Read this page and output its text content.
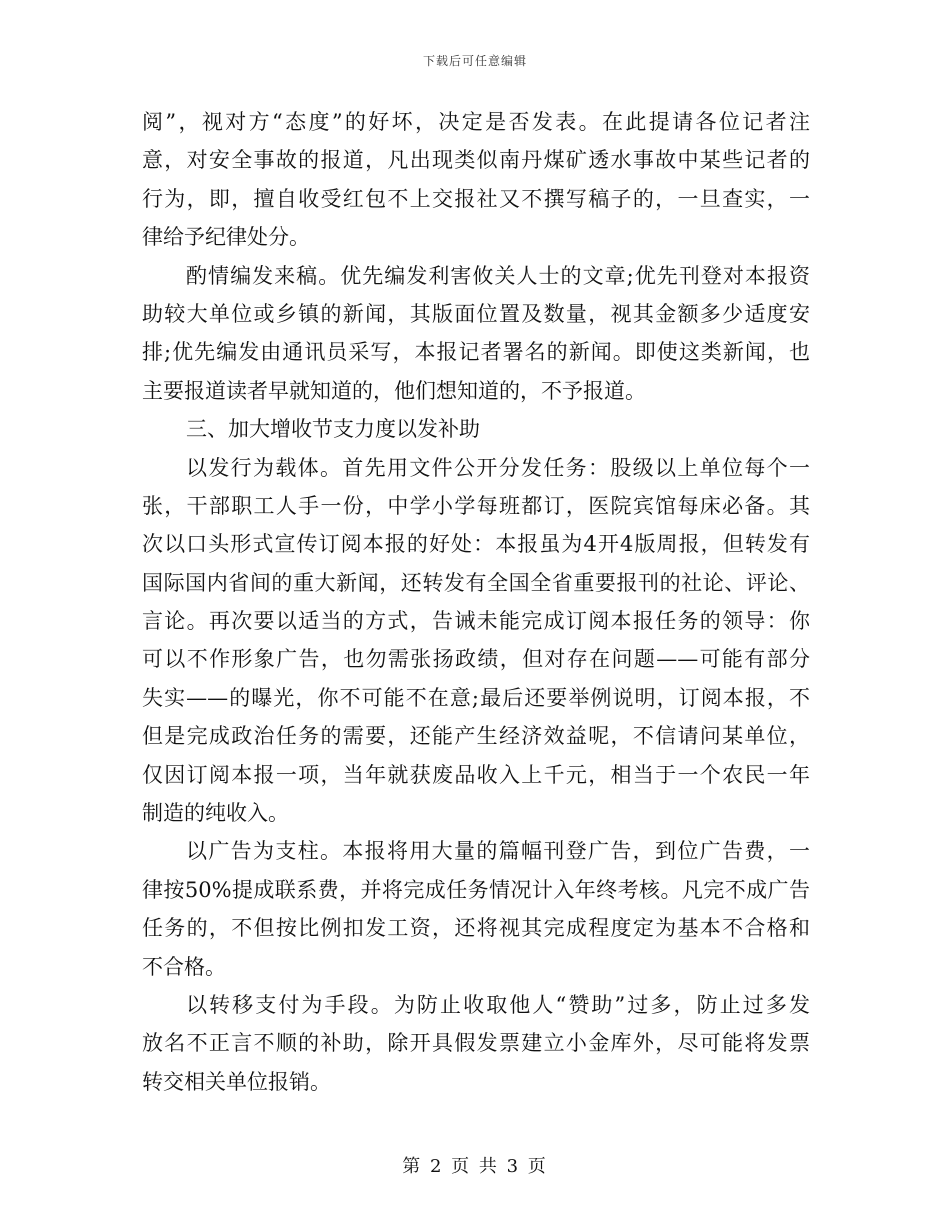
下载后可任意编辑
阅”，视对方“态度”的好坏，决定是否发表。在此提请各位记者注
意，对安全事故的报道，凡出现类似南丹煤矿透水事故中某些记者的
行为，即，擅自收受红包不上交报社又不撰写稿子的，一旦查实，一
律给予纪律处分。
酌情编发来稿。优先编发利害攸关人士的文章;优先刊登对本报资
助较大单位或乡镇的新闻，其版面位置及数量，视其金额多少适度安
排;优先编发由通讯员采写，本报记者署名的新闻。即使这类新闻，也
主要报道读者早就知道的，他们想知道的，不予报道。
三、加大增收节支力度以发补助
以发行为载体。首先用文件公开分发任务：股级以上单位每个一
张，干部职工人手一份，中学小学每班都订，医院宾馆每床必备。其
次以口头形式宣传订阅本报的好处：本报虽为4开4版周报，但转发有
国际国内省间的重大新闻，还转发有全国全省重要报刊的社论、评论、
言论。再次要以适当的方式，告诫未能完成订阅本报任务的领导：你
可以不作形象广告，也勿需张扬政绩，但对存在问题——可能有部分
失实——的曝光，你不可能不在意;最后还要举例说明，订阅本报，不
但是完成政治任务的需要，还能产生经济效益呢，不信请问某单位，
仅因订阅本报一项，当年就获废品收入上千元，相当于一个农民一年
制造的纯收入。
以广告为支柱。本报将用大量的篇幅刊登广告，到位广告费，一
律按50%提成联系费，并将完成任务情况计入年终考核。凡完不成广告
任务的，不但按比例扣发工资，还将视其完成程度定为基本不合格和
不合格。
以转移支付为手段。为防止收取他人“赞助”过多，防止过多发
放名不正言不顺的补助，除开具假发票建立小金库外，尽可能将发票
转交相关单位报销。
第 2 页 共 3 页
